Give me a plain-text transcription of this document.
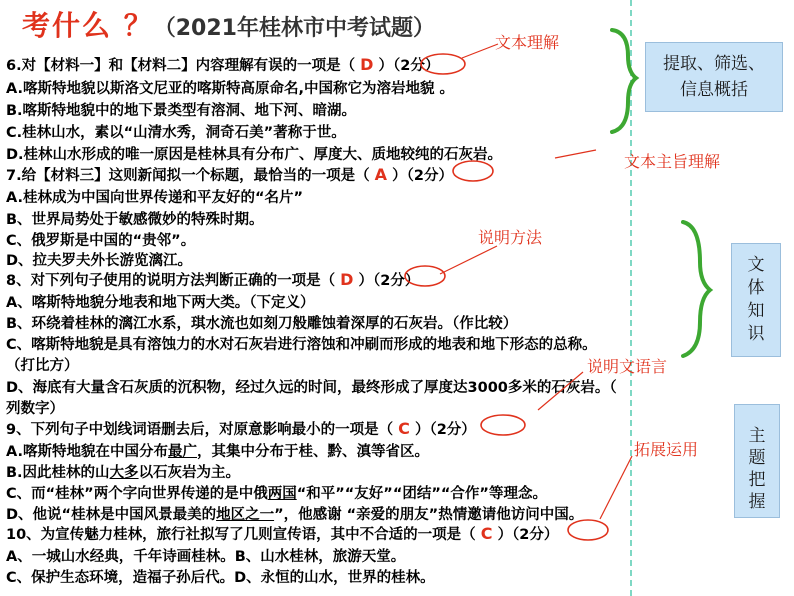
考什么 ？（2021年桂林市中考试题）
6.对【材料一】和【材料二】内容理解有误的一项是（ D ）（2分）
A.喀斯特地貌以斯洛文尼亚的喀斯特高原命名,中国称它为溶岩地貌 。
B.喀斯特地貌中的地下景类型有溶洞、地下河、暗湖。
C.桂林山水，素以“山清水秀，洞奇石美”著称于世。
D.桂林山水形成的唯一原因是桂林具有分布广、厚度大、质地较纯的石灰岩。
7.给【材料三】这则新闻拟一个标题，最恰当的一项是（ A ）（2分）
A.桂林成为中国向世界传递和平友好的“名片”
B、世界局势处于敏感微妙的特殊时期。
C、俄罗斯是中国的“贵邻”。
D、拉夫罗夫外长游览漓江。
8、对下列句子使用的说明方法判断正确的一项是（ D ）（2分）
A、喀斯特地貌分地表和地下两大类。（下定义）
B、环绕着桂林的漓江水系，琪水流也如刻刀般雕蚀着深厚的石灰岩。（作比较）
C、喀斯特地貌是具有溶蚀力的水对石灰岩进行溶蚀和冲刷而形成的地表和地下形态的总称。
（打比方）
D、海底有大量含石灰质的沉积物，经过久远的时间，最终形成了厚度达3000多米的石灰岩。（
列数字）
9、下列句子中划线词语删去后，对原意影响最小的一项是（ C ）（2分）
A.喀斯特地貌在中国分布最广，其集中分布于桂、黔、滇等省区。
B.因此桂林的山大多以石灰岩为主。
C、而“桂林”两个字向世界传递的是中俄两国“和平”“友好”“团结”“合作”等理念。
D、他说“桂林是中国风景最美的地区之一”，他感谢 “亲爱的朋友”热情邀请他访问中国。
10、为宣传魅力桂林，旅行社拟写了几则宣传语，其中不合适的一项是（ C ）（2分）
A、一城山水经典，千年诗画桂林。B、山水桂林，旅游天堂。
C、保护生态环境，造福子孙后代。D、永恒的山水，世界的桂林。
文本理解
文本主旨理解
说明方法
说明文语言
拓展运用
提取、筛选、信息概括
文体知识
主题把握
